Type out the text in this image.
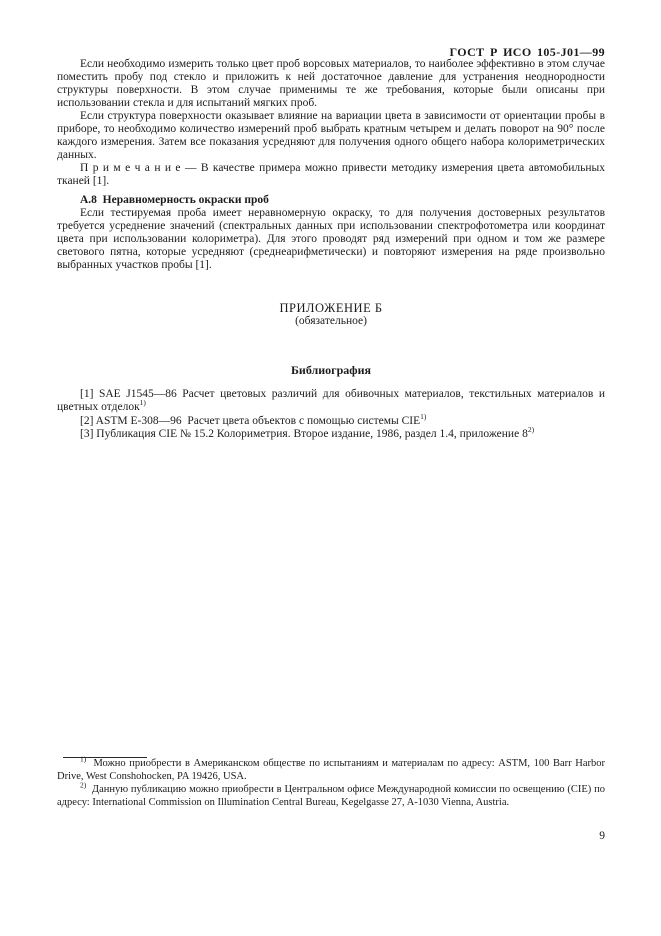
ГОСТ Р ИСО 105-J01—99

Если необходимо измерить только цвет проб ворсовых материалов, то наиболее эффективно в этом случае поместить пробу под стекло и приложить к ней достаточное давление для устранения неоднородности структуры поверхности. В этом случае применимы те же требования, которые были описаны при использовании стекла и для испытаний мягких проб.

Если структура поверхности оказывает влияние на вариации цвета в зависимости от ориентации пробы в приборе, то необходимо количество измерений проб выбрать кратным четырем и делать поворот на 90° после каждого измерения. Затем все показания усредняют для получения одного общего набора колориметрических данных.

П р и м е ч а н и е — В качестве примера можно привести методику измерения цвета автомобильных тканей [1].

А.8  Неравномерность окраски проб

Если тестируемая проба имеет неравномерную окраску, то для получения достоверных результатов требуется усреднение значений (спектральных данных при использовании спектрофотометра или координат цвета при использовании колориметра). Для этого проводят ряд измерений при одном и том же размере светового пятна, которые усредняют (среднеарифметически) и повторяют измерения на ряде произвольно выбранных участков пробы [1].

ПРИЛОЖЕНИЕ Б
(обязательное)
Библиография

[1] SAE J1545—86 Расчет цветовых различий для обивочных материалов, текстильных материалов и цветных отделок$^{1)}$

[2] ASTM E-308—96  Расчет цвета объектов с помощью системы CIE$^{1)}$

[3] Публикация CIE № 15.2 Колориметрия. Второе издание, 1986, раздел 1.4, приложение 8$^{2)}$

$^{1)}$  Можно приобрести в Американском обществе по испытаниям и материалам по адресу: ASTM, 100 Barr Harbor Drive, West Conshohocken, PA 19426, USA.

$^{2)}$  Данную публикацию можно приобрести в Центральном офисе Международной комиссии по освещению (CIE) по адресу: International Commission on Illumination Central Bureau, Kegelgasse 27, A-1030 Vienna, Austria.

9
